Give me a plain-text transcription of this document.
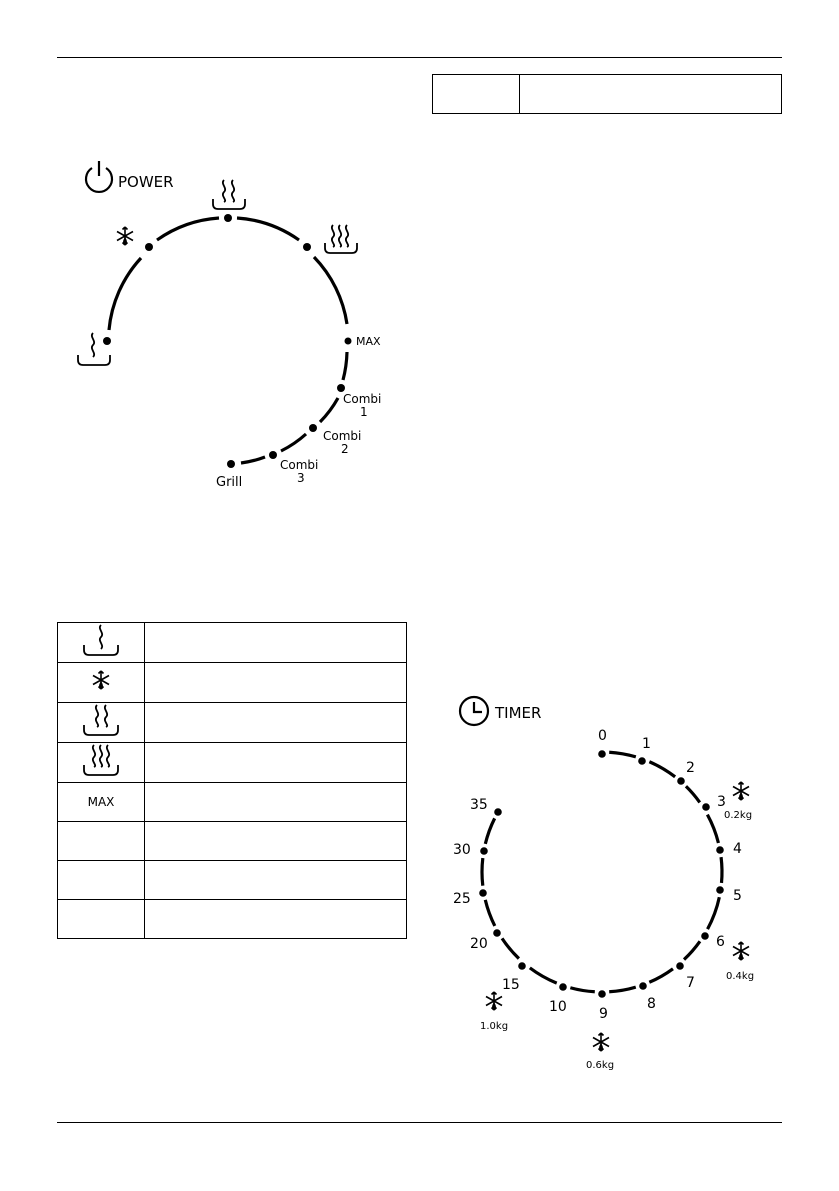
POWER
MAX
Combi 1
Combi 2
Combi 3
Grill
TIMER
0	1
2
3
4
5
6
7
8
9
10
15
20
25
30
35
0.2kg
0.4kg
0.6kg
1.0kg

MAX	
